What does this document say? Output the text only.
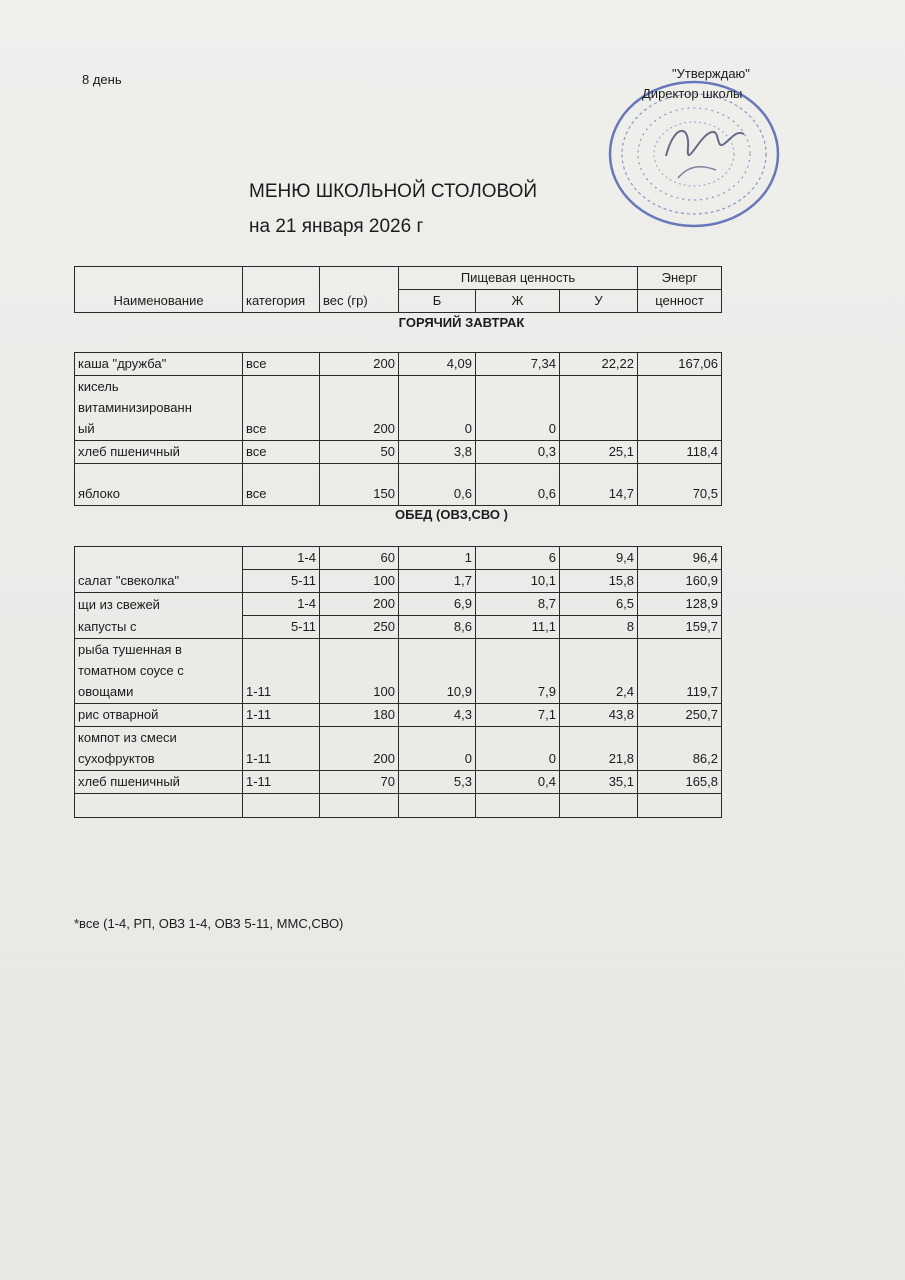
8 день	"Утверждаю"
Директор школы
МЕНЮ ШКОЛЬНОЙ СТОЛОВОЙ
на 21 января 2026 г
Наименование	категория	вес (гр)	Пищевая ценность			Энерг
			Б	Ж	У	ценност
ГОРЯЧИЙ ЗАВТРАК						

каша "дружба"	все	200	4,09	7,34	22,22	167,06

кисель
витаминизированн
ый	все	200	0	0		
хлеб пшеничный	все	50	3,8	0,3	25,1	118,4
яблоко	все	150	0,6	0,6	14,7	70,5
ОБЕД (ОВЗ,СВО )						

салат "свеколка"	1-4	60	1	6	9,4	96,4
	5-11	100	1,7	10,1	15,8	160,9
щи из свежей	1-4	200	6,9	8,7	6,5	128,9
капусты с	5-11	250	8,6	11,1	8	159,7

рыба тушенная в
томатном соусе с
овощами	1-11	100	10,9	7,9	2,4	119,7
рис отварной	1-11	180	4,3	7,1	43,8	250,7

компот из смеси
сухофруктов	1-11	200	0	0	21,8	86,2
хлеб пшеничный	1-11	70	5,3	0,4	35,1	165,8

*все (1-4, РП, ОВЗ 1-4, ОВЗ 5-11, ММС,СВО)
